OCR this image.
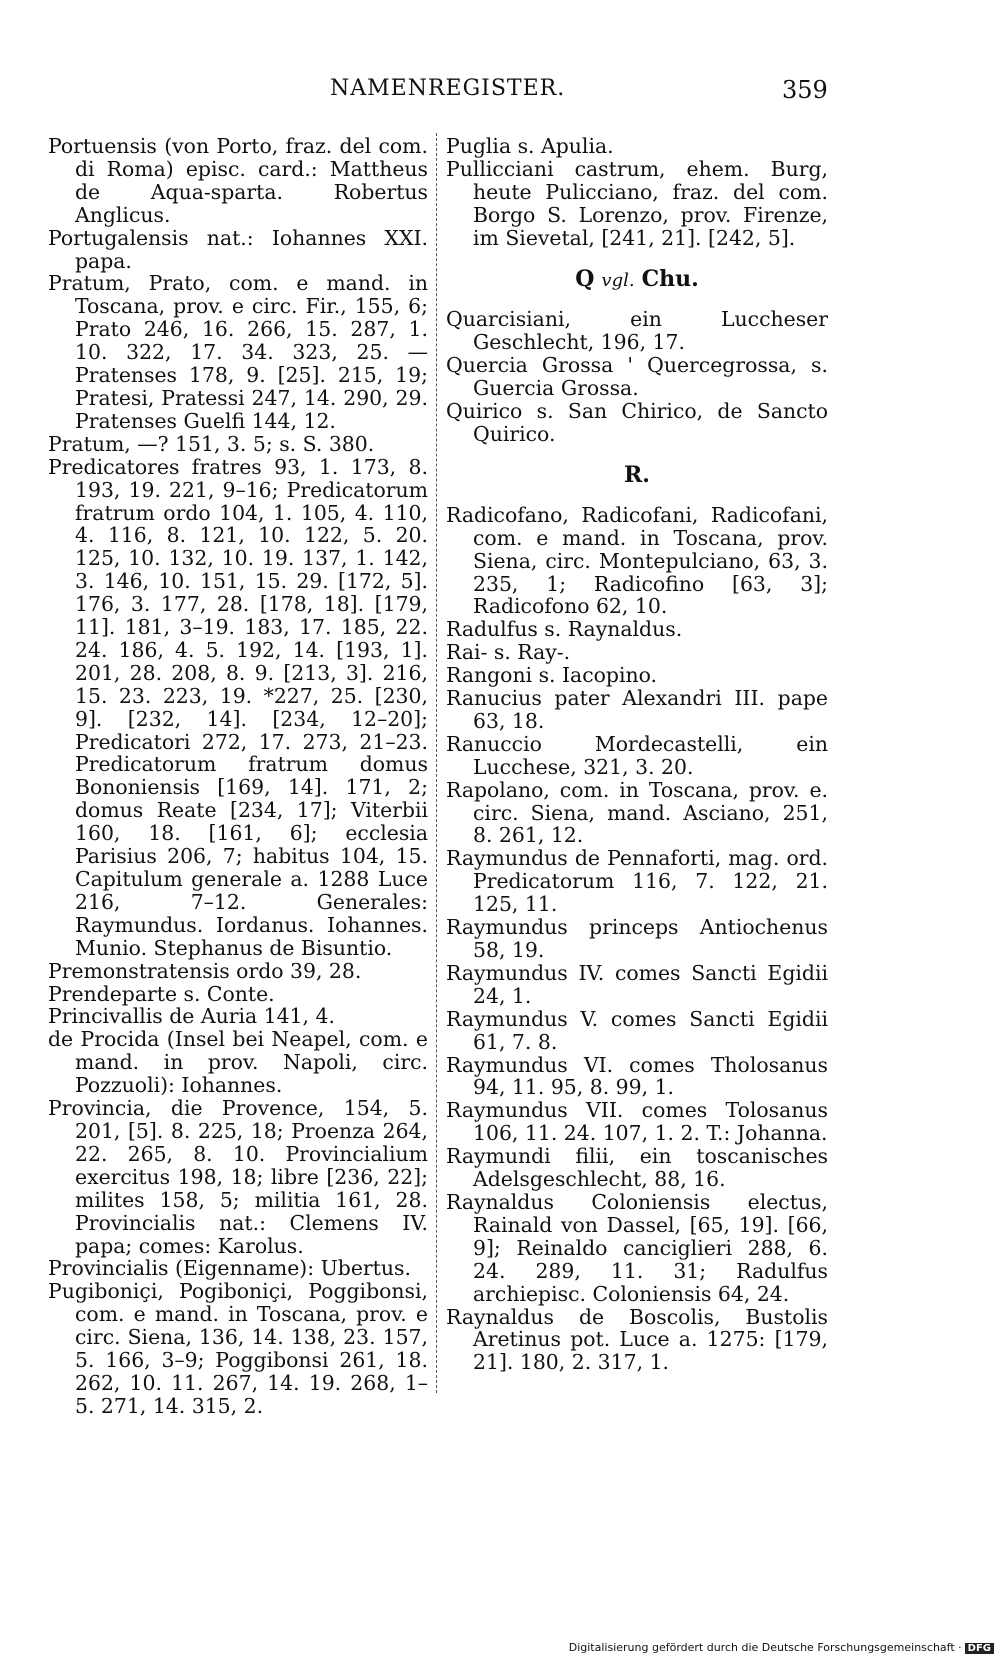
NAMENREGISTER.	359
Portuensis (von Porto, fraz. del com. di Roma) episc. card.: Mattheus de Aqua-sparta. Robertus Anglicus.
Portugalensis nat.: Iohannes XXI. papa.
Pratum, Prato, com. e mand. in Toscana, prov. e circ. Fir., 155, 6; Prato 246, 16. 266, 15. 287, 1. 10. 322, 17. 34. 323, 25. — Pratenses 178, 9. [25]. 215, 19; Pratesi, Pratessi 247, 14. 290, 29. Pratenses Guelfi 144, 12.
Pratum, —? 151, 3. 5; s. S. 380.
Predicatores fratres 93, 1. 173, 8. 193, 19. 221, 9–16; Predicatorum fratrum ordo 104, 1. 105, 4. 110, 4. 116, 8. 121, 10. 122, 5. 20. 125, 10. 132, 10. 19. 137, 1. 142, 3. 146, 10. 151, 15. 29. [172, 5]. 176, 3. 177, 28. [178, 18]. [179, 11]. 181, 3–19. 183, 17. 185, 22. 24. 186, 4. 5. 192, 14. [193, 1]. 201, 28. 208, 8. 9. [213, 3]. 216, 15. 23. 223, 19. *227, 25. [230, 9]. [232, 14]. [234, 12–20]; Predicatori 272, 17. 273, 21–23. Predicatorum fratrum domus Bononiensis [169, 14]. 171, 2; domus Reate [234, 17]; Viterbii 160, 18. [161, 6]; ecclesia Parisius 206, 7; habitus 104, 15. Capitulum generale a. 1288 Luce 216, 7–12. Generales: Raymundus. Iordanus. Iohannes. Munio. Stephanus de Bisuntio.
Premonstratensis ordo 39, 28.
Prendeparte s. Conte.
Princivallis de Auria 141, 4.
de Procida (Insel bei Neapel, com. e mand. in prov. Napoli, circ. Pozzuoli): Iohannes.
Provincia, die Provence, 154, 5. 201, [5]. 8. 225, 18; Proenza 264, 22. 265, 8. 10. Provincialium exercitus 198, 18; libre [236, 22]; milites 158, 5; militia 161, 28. Provincialis nat.: Clemens IV. papa; comes: Karolus.
Provincialis (Eigenname): Ubertus.
Pugiboniçi, Pogiboniçi, Poggibonsi, com. e mand. in Toscana, prov. e circ. Siena, 136, 14. 138, 23. 157, 5. 166, 3–9; Poggibonsi 261, 18. 262, 10. 11. 267, 14. 19. 268, 1–5. 271, 14. 315, 2.
Puglia s. Apulia.
Pullicciani castrum, ehem. Burg, heute Pulicciano, fraz. del com. Borgo S. Lorenzo, prov. Firenze, im Sievetal, [241, 21]. [242, 5].
Q vgl. Chu.
Quarcisiani, ein Luccheser Geschlecht, 196, 17.
Quercia Grossa ' Quercegrossa, s. Guercia Grossa.
Quirico s. San Chirico, de Sancto Quirico.
R.
Radicofano, Radicofani, Radicofani, com. e mand. in Toscana, prov. Siena, circ. Montepulciano, 63, 3. 235, 1; Radicofino [63, 3]; Radicofono 62, 10.
Radulfus s. Raynaldus.
Rai- s. Ray-.
Rangoni s. Iacopino.
Ranucius pater Alexandri III. pape 63, 18.
Ranuccio Mordecastelli, ein Lucchese, 321, 3. 20.
Rapolano, com. in Toscana, prov. e. circ. Siena, mand. Asciano, 251, 8. 261, 12.
Raymundus de Pennaforti, mag. ord. Predicatorum 116, 7. 122, 21. 125, 11.
Raymundus princeps Antiochenus 58, 19.
Raymundus IV. comes Sancti Egidii 24, 1.
Raymundus V. comes Sancti Egidii 61, 7. 8.
Raymundus VI. comes Tholosanus 94, 11. 95, 8. 99, 1.
Raymundus VII. comes Tolosanus 106, 11. 24. 107, 1. 2. T.: Johanna.
Raymundi filii, ein toscanisches Adelsgeschlecht, 88, 16.
Raynaldus Coloniensis electus, Rainald von Dassel, [65, 19]. [66, 9]; Reinaldo canciglieri 288, 6. 24. 289, 11. 31; Radulfus archiepisc. Coloniensis 64, 24.
Raynaldus de Boscolis, Bustolis Aretinus pot. Luce a. 1275: [179, 21]. 180, 2. 317, 1.
Digitalisierung gefördert durch die Deutsche Forschungsgemeinschaft · DFG
